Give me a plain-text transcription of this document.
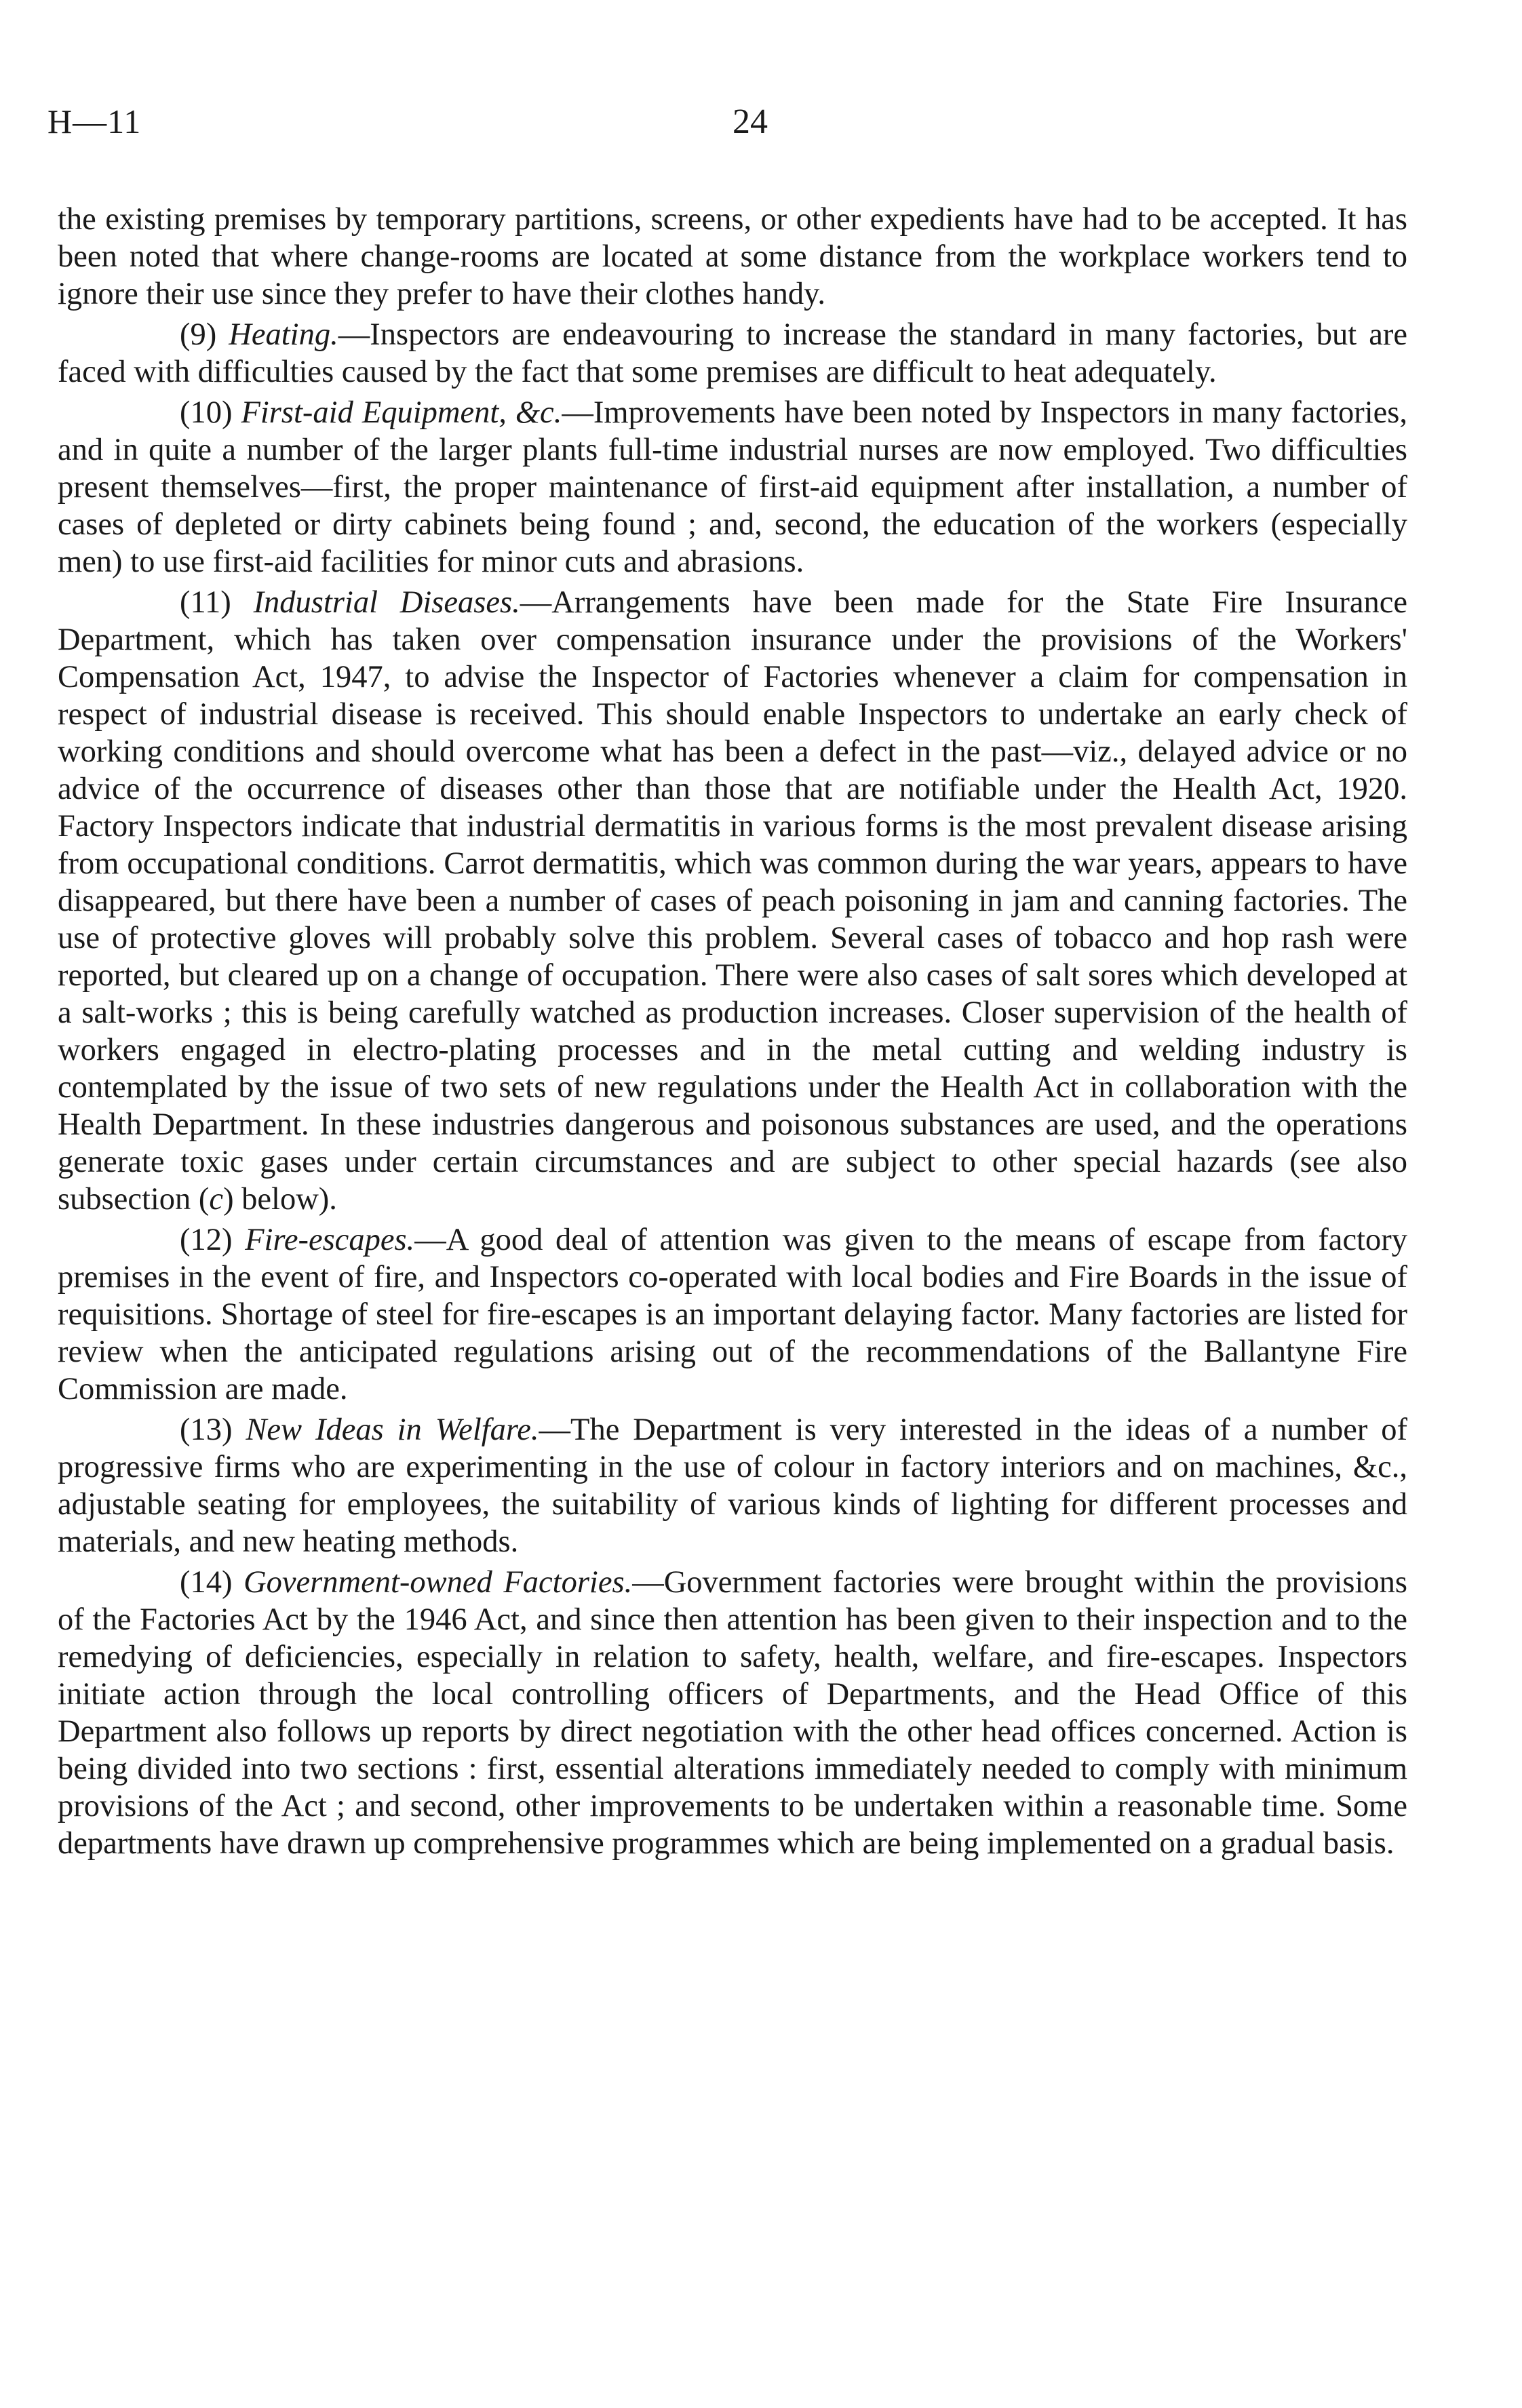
H—11	24

the existing premises by temporary partitions, screens, or other expedients have had to be accepted. It has been noted that where change-rooms are located at some distance from the workplace workers tend to ignore their use since they prefer to have their clothes handy.

(9) Heating.—Inspectors are endeavouring to increase the standard in many factories, but are faced with difficulties caused by the fact that some premises are difficult to heat adequately.

(10) First-aid Equipment, &c.—Improvements have been noted by Inspectors in many factories, and in quite a number of the larger plants full-time industrial nurses are now employed. Two difficulties present themselves—first, the proper maintenance of first-aid equipment after installation, a number of cases of depleted or dirty cabinets being found ; and, second, the education of the workers (especially men) to use first-aid facilities for minor cuts and abrasions.

(11) Industrial Diseases.—Arrangements have been made for the State Fire Insurance Department, which has taken over compensation insurance under the provisions of the Workers' Compensation Act, 1947, to advise the Inspector of Factories whenever a claim for compensation in respect of industrial disease is received. This should enable Inspectors to undertake an early check of working conditions and should overcome what has been a defect in the past—viz., delayed advice or no advice of the occurrence of diseases other than those that are notifiable under the Health Act, 1920. Factory Inspectors indicate that industrial dermatitis in various forms is the most prevalent disease arising from occupational conditions. Carrot dermatitis, which was common during the war years, appears to have disappeared, but there have been a number of cases of peach poisoning in jam and canning factories. The use of protective gloves will probably solve this problem. Several cases of tobacco and hop rash were reported, but cleared up on a change of occupation. There were also cases of salt sores which developed at a salt-works ; this is being carefully watched as production increases. Closer supervision of the health of workers engaged in electro-plating processes and in the metal cutting and welding industry is contemplated by the issue of two sets of new regulations under the Health Act in collaboration with the Health Department. In these industries dangerous and poisonous substances are used, and the operations generate toxic gases under certain circumstances and are subject to other special hazards (see also subsection (c) below).

(12) Fire-escapes.—A good deal of attention was given to the means of escape from factory premises in the event of fire, and Inspectors co-operated with local bodies and Fire Boards in the issue of requisitions. Shortage of steel for fire-escapes is an important delaying factor. Many factories are listed for review when the anticipated regulations arising out of the recommendations of the Ballantyne Fire Commission are made.

(13) New Ideas in Welfare.—The Department is very interested in the ideas of a number of progressive firms who are experimenting in the use of colour in factory interiors and on machines, &c., adjustable seating for employees, the suitability of various kinds of lighting for different processes and materials, and new heating methods.

(14) Government-owned Factories.—Government factories were brought within the provisions of the Factories Act by the 1946 Act, and since then attention has been given to their inspection and to the remedying of deficiencies, especially in relation to safety, health, welfare, and fire-escapes. Inspectors initiate action through the local controlling officers of Departments, and the Head Office of this Department also follows up reports by direct negotiation with the other head offices concerned. Action is being divided into two sections : first, essential alterations immediately needed to comply with minimum provisions of the Act ; and second, other improvements to be undertaken within a reasonable time. Some departments have drawn up comprehensive programmes which are being implemented on a gradual basis.
